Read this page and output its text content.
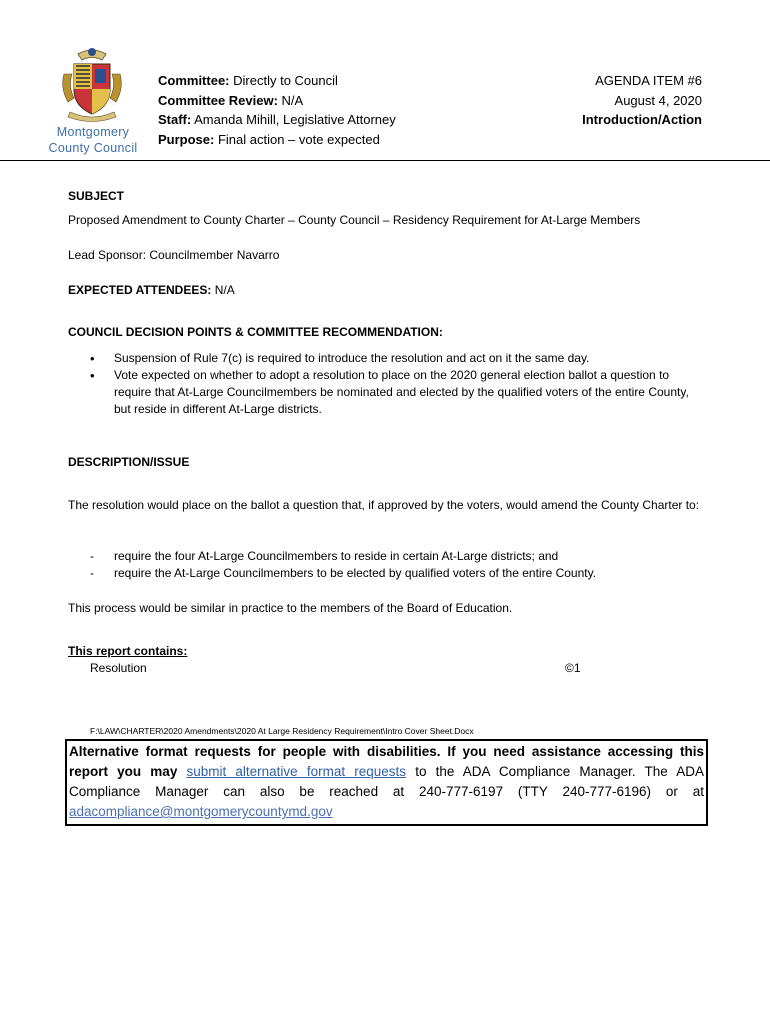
Montgomery
County Council
Committee: Directly to Council
Committee Review: N/A
Staff: Amanda Mihill, Legislative Attorney
Purpose: Final action – vote expected
AGENDA ITEM #6
August 4, 2020
Introduction/Action
SUBJECT
Proposed Amendment to County Charter – County Council – Residency Requirement for At-Large Members
Lead Sponsor: Councilmember Navarro
EXPECTED ATTENDEES: N/A
COUNCIL DECISION POINTS & COMMITTEE RECOMMENDATION:
• Suspension of Rule 7(c) is required to introduce the resolution and act on it the same day.
• Vote expected on whether to adopt a resolution to place on the 2020 general election ballot a question to require that At-Large Councilmembers be nominated and elected by the qualified voters of the entire County, but reside in different At-Large districts.
DESCRIPTION/ISSUE
The resolution would place on the ballot a question that, if approved by the voters, would amend the County Charter to:
- require the four At-Large Councilmembers to reside in certain At-Large districts; and
- require the At-Large Councilmembers to be elected by qualified voters of the entire County.
This process would be similar in practice to the members of the Board of Education.
This report contains:
Resolution	©1
F:\LAW\CHARTER\2020 Amendments\2020 At Large Residency Requirement\Intro Cover Sheet.Docx
Alternative format requests for people with disabilities. If you need assistance accessing this report you may submit alternative format requests to the ADA Compliance Manager. The ADA Compliance Manager can also be reached at 240-777-6197 (TTY 240-777-6196) or at adacompliance@montgomerycountymd.gov
